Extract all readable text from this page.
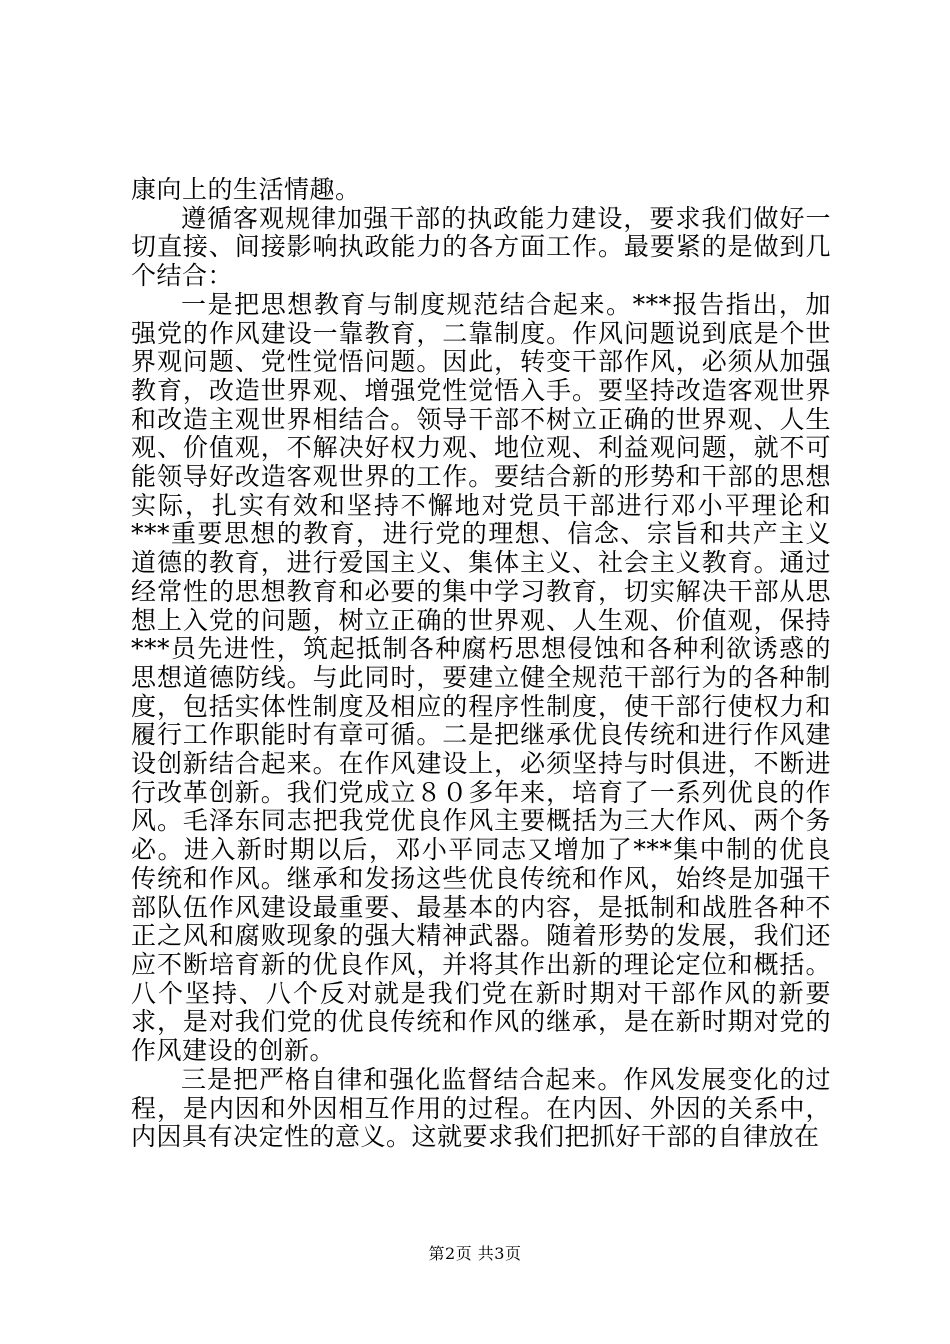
康向上的生活情趣。

遵循客观规律加强干部的执政能力建设，要求我们做好一切直接、间接影响执政能力的各方面工作。最要紧的是做到几个结合：

一是把思想教育与制度规范结合起来。***报告指出，加强党的作风建设一靠教育，二靠制度。作风问题说到底是个世界观问题、党性觉悟问题。因此，转变干部作风，必须从加强教育，改造世界观、增强党性觉悟入手。要坚持改造客观世界和改造主观世界相结合。领导干部不树立正确的世界观、人生观、价值观，不解决好权力观、地位观、利益观问题，就不可能领导好改造客观世界的工作。要结合新的形势和干部的思想实际，扎实有效和坚持不懈地对党员干部进行邓小平理论和***重要思想的教育，进行党的理想、信念、宗旨和共产主义道德的教育，进行爱国主义、集体主义、社会主义教育。通过经常性的思想教育和必要的集中学习教育，切实解决干部从思想上入党的问题，树立正确的世界观、人生观、价值观，保持***员先进性，筑起抵制各种腐朽思想侵蚀和各种利欲诱惑的思想道德防线。与此同时，要建立健全规范干部行为的各种制度，包括实体性制度及相应的程序性制度，使干部行使权力和履行工作职能时有章可循。二是把继承优良传统和进行作风建设创新结合起来。在作风建设上，必须坚持与时俱进，不断进行改革创新。我们党成立８０多年来，培育了一系列优良的作风。毛泽东同志把我党优良作风主要概括为三大作风、两个务必。进入新时期以后，邓小平同志又增加了***集中制的优良传统和作风。继承和发扬这些优良传统和作风，始终是加强干部队伍作风建设最重要、最基本的内容，是抵制和战胜各种不正之风和腐败现象的强大精神武器。随着形势的发展，我们还应不断培育新的优良作风，并将其作出新的理论定位和概括。八个坚持、八个反对就是我们党在新时期对干部作风的新要求，是对我们党的优良传统和作风的继承，是在新时期对党的作风建设的创新。

三是把严格自律和强化监督结合起来。作风发展变化的过程，是内因和外因相互作用的过程。在内因、外因的关系中，内因具有决定性的意义。这就要求我们把抓好干部的自律放在

第2页 共3页
